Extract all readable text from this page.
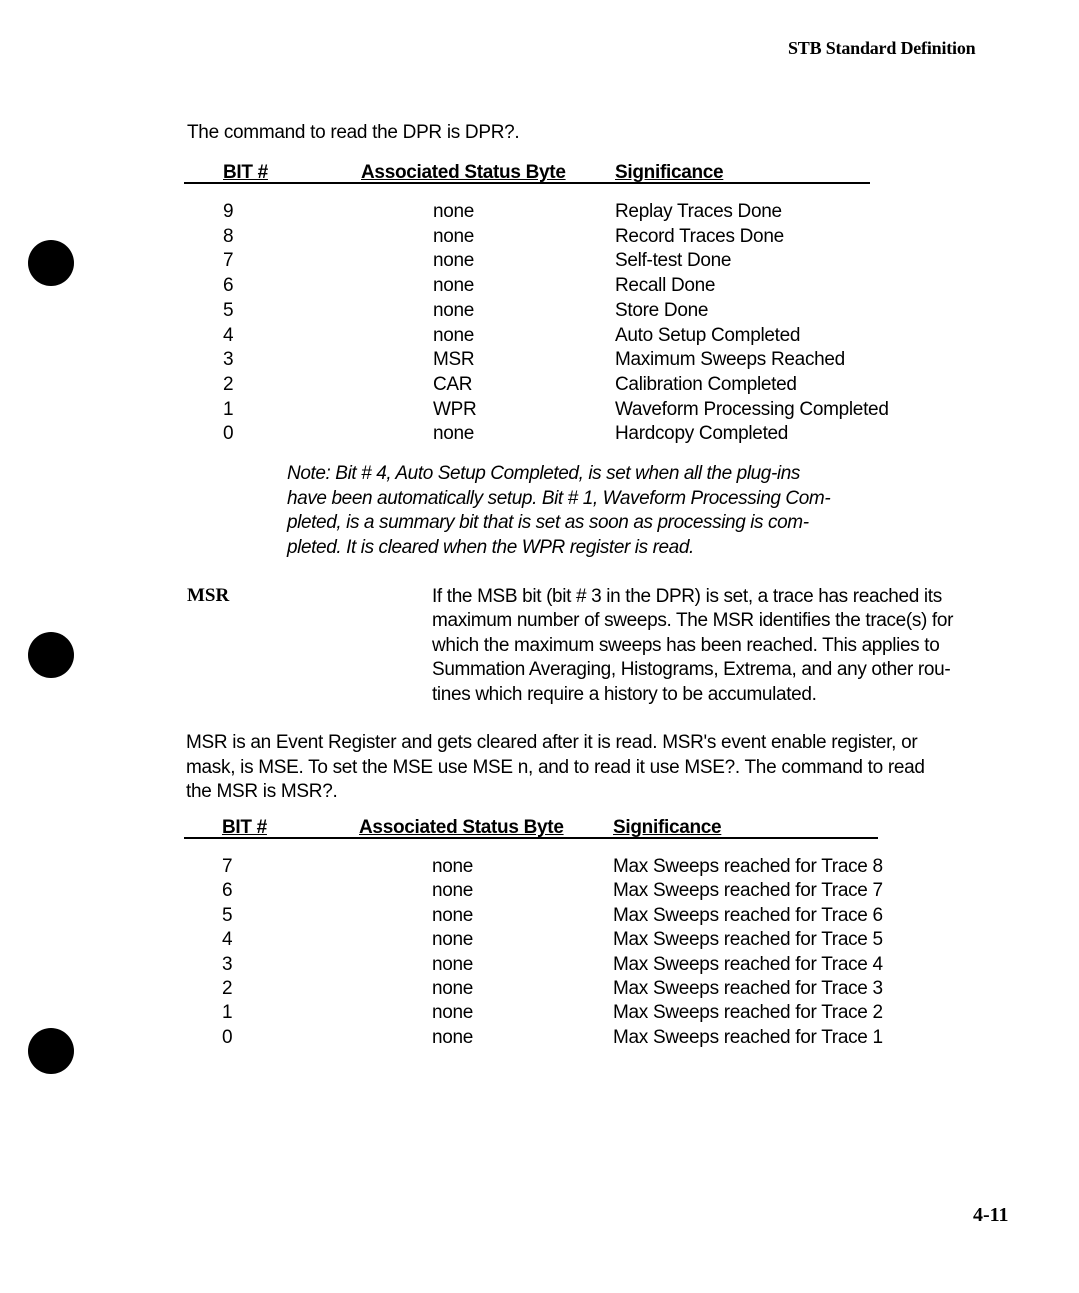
STB Standard Definition
The command to read the DPR is DPR?.
BIT #	Associated Status Byte	Significance
9	none	Replay Traces Done
8	none	Record Traces Done
7	none	Self-test Done
6	none	Recall Done
5	none	Store Done
4	none	Auto Setup Completed
3	MSR	Maximum Sweeps Reached
2	CAR	Calibration Completed
1	WPR	Waveform Processing Completed
0	none	Hardcopy Completed
Note: Bit # 4, Auto Setup Completed, is set when all the plug-ins
have been automatically setup. Bit # 1, Waveform Processing Com-
pleted, is a summary bit that is set as soon as processing is com-
pleted. It is cleared when the WPR register is read.
MSR	If the MSB bit (bit # 3 in the DPR) is set, a trace has reached its
maximum number of sweeps. The MSR identifies the trace(s) for
which the maximum sweeps has been reached. This applies to
Summation Averaging, Histograms, Extrema, and any other rou-
tines which require a history to be accumulated.
MSR is an Event Register and gets cleared after it is read. MSR's event enable register, or
mask, is MSE. To set the MSE use MSE n, and to read it use MSE?. The command to read
the MSR is MSR?.
BIT #	Associated Status Byte	Significance
7	none	Max Sweeps reached for Trace 8
6	none	Max Sweeps reached for Trace 7
5	none	Max Sweeps reached for Trace 6
4	none	Max Sweeps reached for Trace 5
3	none	Max Sweeps reached for Trace 4
2	none	Max Sweeps reached for Trace 3
1	none	Max Sweeps reached for Trace 2
0	none	Max Sweeps reached for Trace 1
4-11
